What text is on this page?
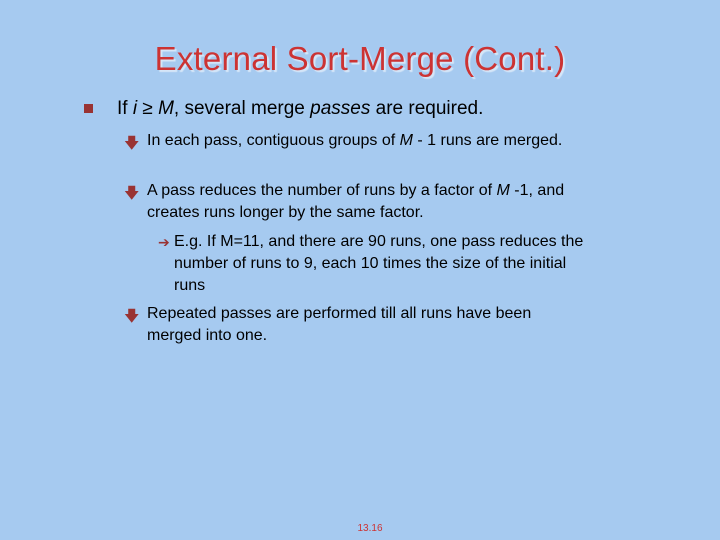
External Sort-Merge (Cont.)
If i ≥ M, several merge passes are required.
🡇 In each pass, contiguous groups of M - 1 runs are merged.
🡇 A pass reduces the number of runs by a factor of M -1, and creates runs longer by the same factor.
➔ E.g. If M=11, and there are 90 runs, one pass reduces the number of runs to 9, each 10 times the size of the initial runs
🡇 Repeated passes are performed till all runs have been merged into one.
13.16
